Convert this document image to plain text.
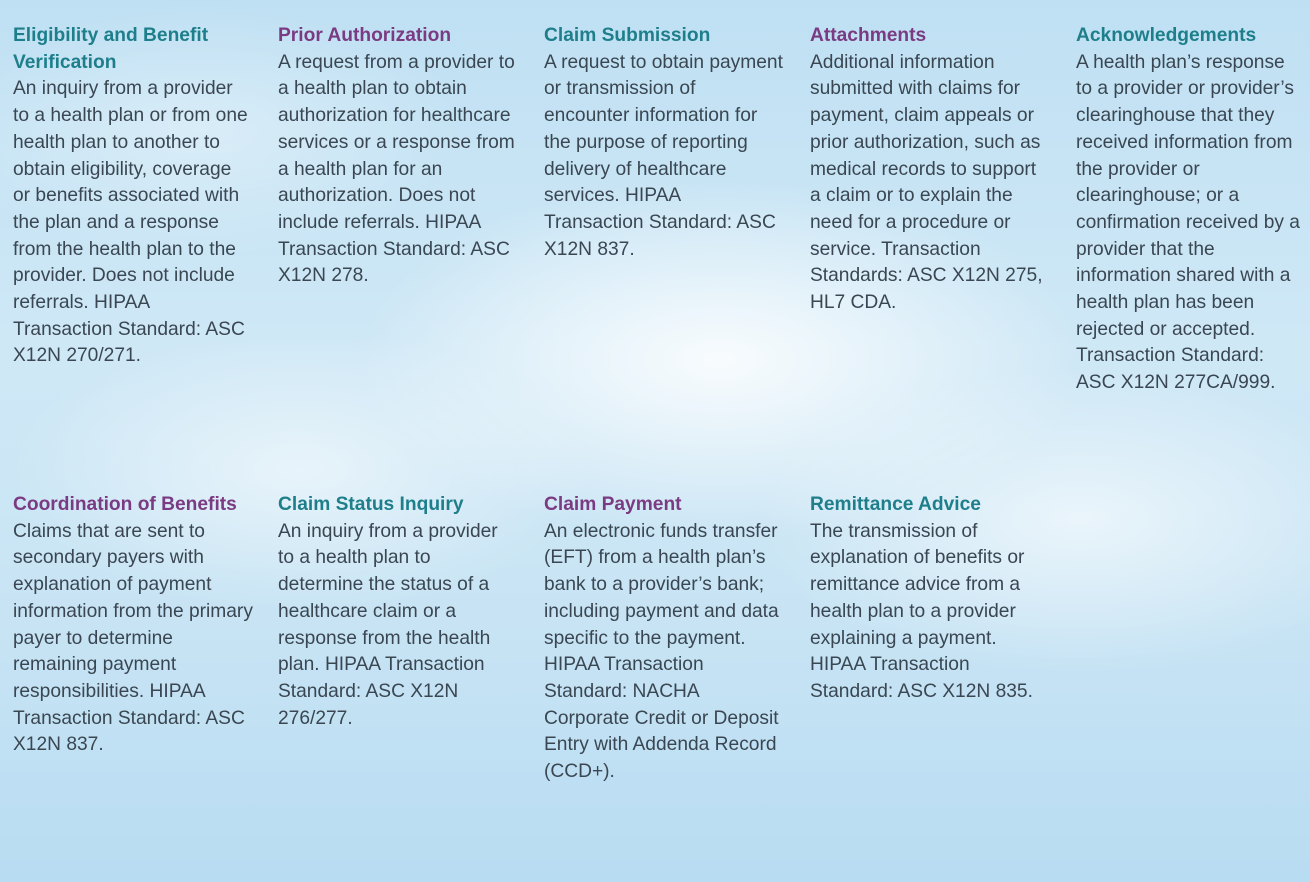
Eligibility and Benefit Verification
An inquiry from a provider to a health plan or from one health plan to another to obtain eligibility, coverage or benefits associated with the plan and a response from the health plan to the provider. Does not include referrals. HIPAA Transaction Standard: ASC X12N 270/271.
Prior Authorization
A request from a provider to a health plan to obtain authorization for healthcare services or a response from a health plan for an authorization. Does not include referrals. HIPAA Transaction Standard: ASC X12N 278.
Claim Submission
A request to obtain payment or transmission of encounter information for the purpose of reporting delivery of healthcare services. HIPAA Transaction Standard: ASC X12N 837.
Attachments
Additional information submitted with claims for payment, claim appeals or prior authorization, such as medical records to support a claim or to explain the need for a procedure or service. Transaction Standards: ASC X12N 275, HL7 CDA.
Acknowledgements
A health plan’s response to a provider or provider’s clearinghouse that they received information from the provider or clearinghouse; or a confirmation received by a provider that the information shared with a health plan has been rejected or accepted. Transaction Standard: ASC X12N 277CA/999.
Coordination of Benefits
Claims that are sent to secondary payers with explanation of payment information from the primary payer to determine remaining payment responsibilities. HIPAA Transaction Standard: ASC X12N 837.
Claim Status Inquiry
An inquiry from a provider to a health plan to determine the status of a healthcare claim or a response from the health plan. HIPAA Transaction Standard: ASC X12N 276/277.
Claim Payment
An electronic funds transfer (EFT) from a health plan’s bank to a provider’s bank; including payment and data specific to the payment. HIPAA Transaction Standard: NACHA Corporate Credit or Deposit Entry with Addenda Record (CCD+).
Remittance Advice
The transmission of explanation of benefits or remittance advice from a health plan to a provider explaining a payment. HIPAA Transaction Standard: ASC X12N 835.
